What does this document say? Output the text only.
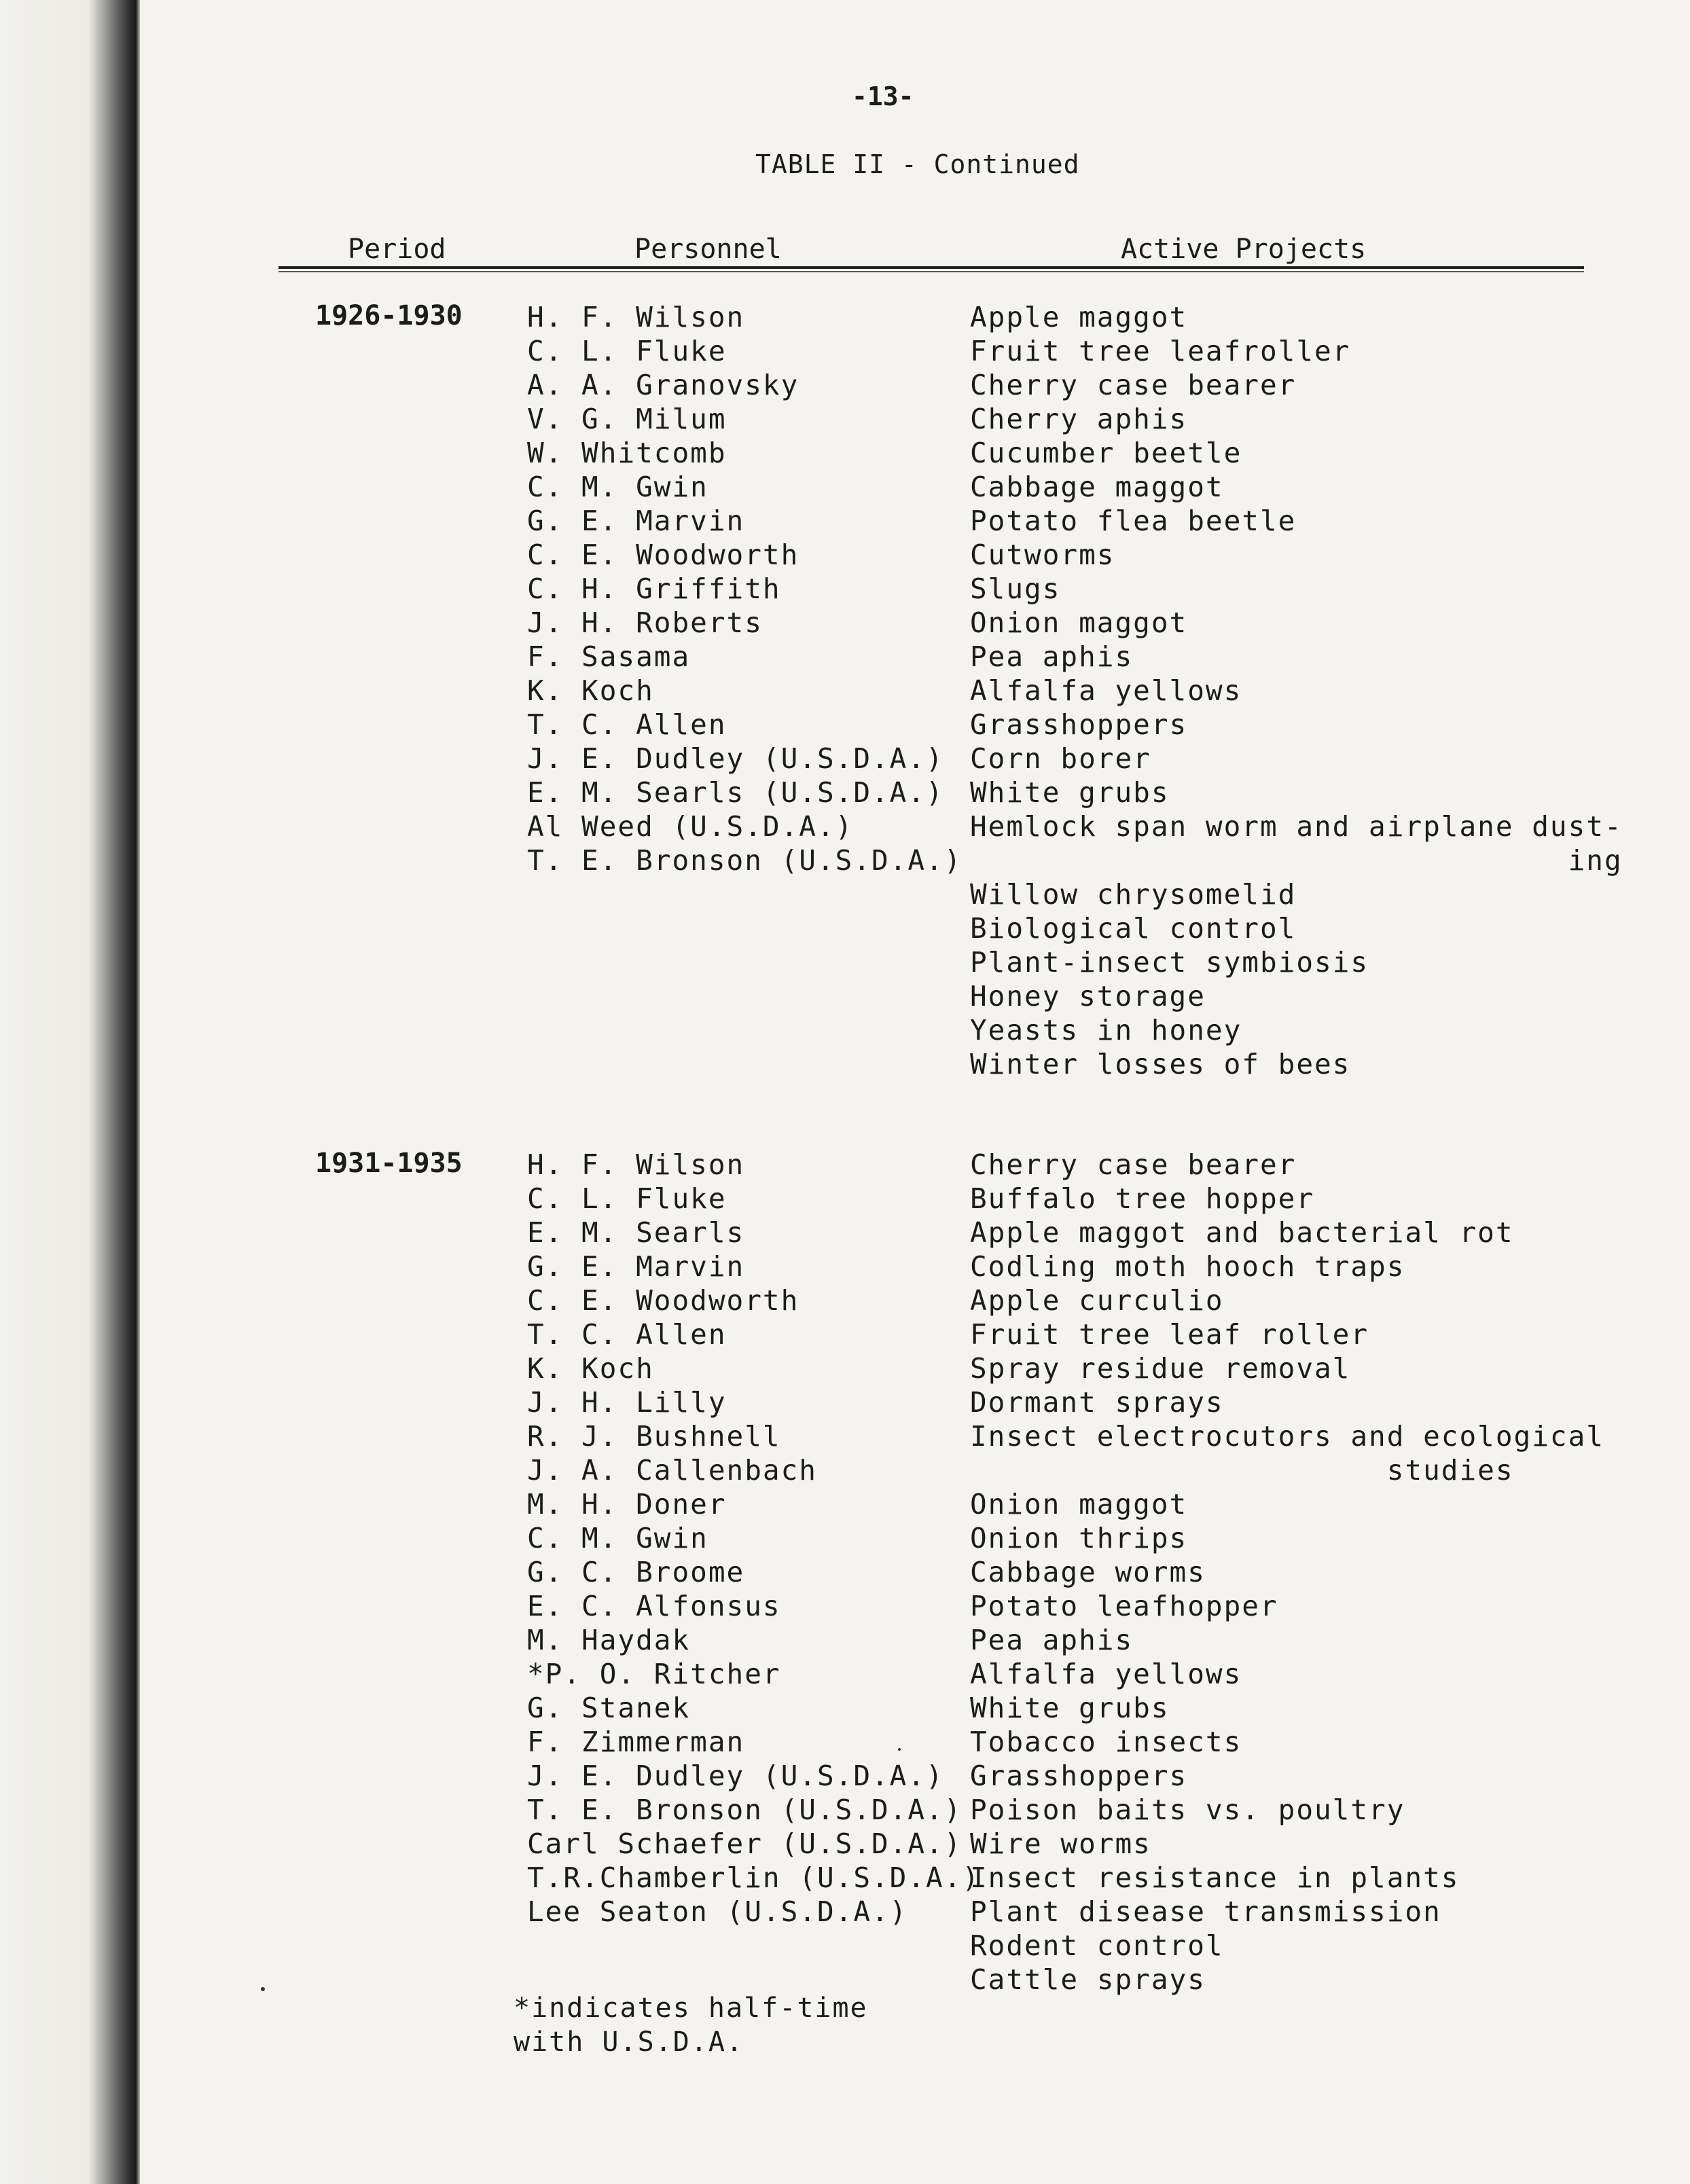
-13-
TABLE II - Continued
Period	Personnel	Active Projects
1926-1930 H. F. Wilson
C. L. Fluke
A. A. Granovsky
V. G. Milum
W. Whitcomb
C. M. Gwin
G. E. Marvin
C. E. Woodworth
C. H. Griffith
J. H. Roberts
F. Sasama
K. Koch
T. C. Allen
J. E. Dudley (U.S.D.A.)
E. M. Searls (U.S.D.A.)
Al Weed (U.S.D.A.)
T. E. Bronson (U.S.D.A.)
Apple maggot
Fruit tree leafroller
Cherry case bearer
Cherry aphis
Cucumber beetle
Cabbage maggot
Potato flea beetle
Cutworms
Slugs
Onion maggot
Pea aphis
Alfalfa yellows
Grasshoppers
Corn borer
White grubs
Hemlock span worm and airplane dust-
ing
Willow chrysomelid
Biological control
Plant-insect symbiosis
Honey storage
Yeasts in honey
Winter losses of bees
1931-1935 H. F. Wilson
C. L. Fluke
E. M. Searls
G. E. Marvin
C. E. Woodworth
T. C. Allen
K. Koch
J. H. Lilly
R. J. Bushnell
J. A. Callenbach
M. H. Doner
C. M. Gwin
G. C. Broome
E. C. Alfonsus
M. Haydak
*P. O. Ritcher
G. Stanek
F. Zimmerman
J. E. Dudley (U.S.D.A.)
T. E. Bronson (U.S.D.A.)
Carl Schaefer (U.S.D.A.)
T.R.Chamberlin (U.S.D.A.)
Lee Seaton (U.S.D.A.)
Cherry case bearer
Buffalo tree hopper
Apple maggot and bacterial rot
Codling moth hooch traps
Apple curculio
Fruit tree leaf roller
Spray residue removal
Dormant sprays
Insect electrocutors and ecological
studies
Onion maggot
Onion thrips
Cabbage worms
Potato leafhopper
Pea aphis
Alfalfa yellows
White grubs
Tobacco insects
Grasshoppers
Poison baits vs. poultry
Wire worms
Insect resistance in plants
Plant disease transmission
Rodent control
Cattle sprays
*indicates half-time
with U.S.D.A.
